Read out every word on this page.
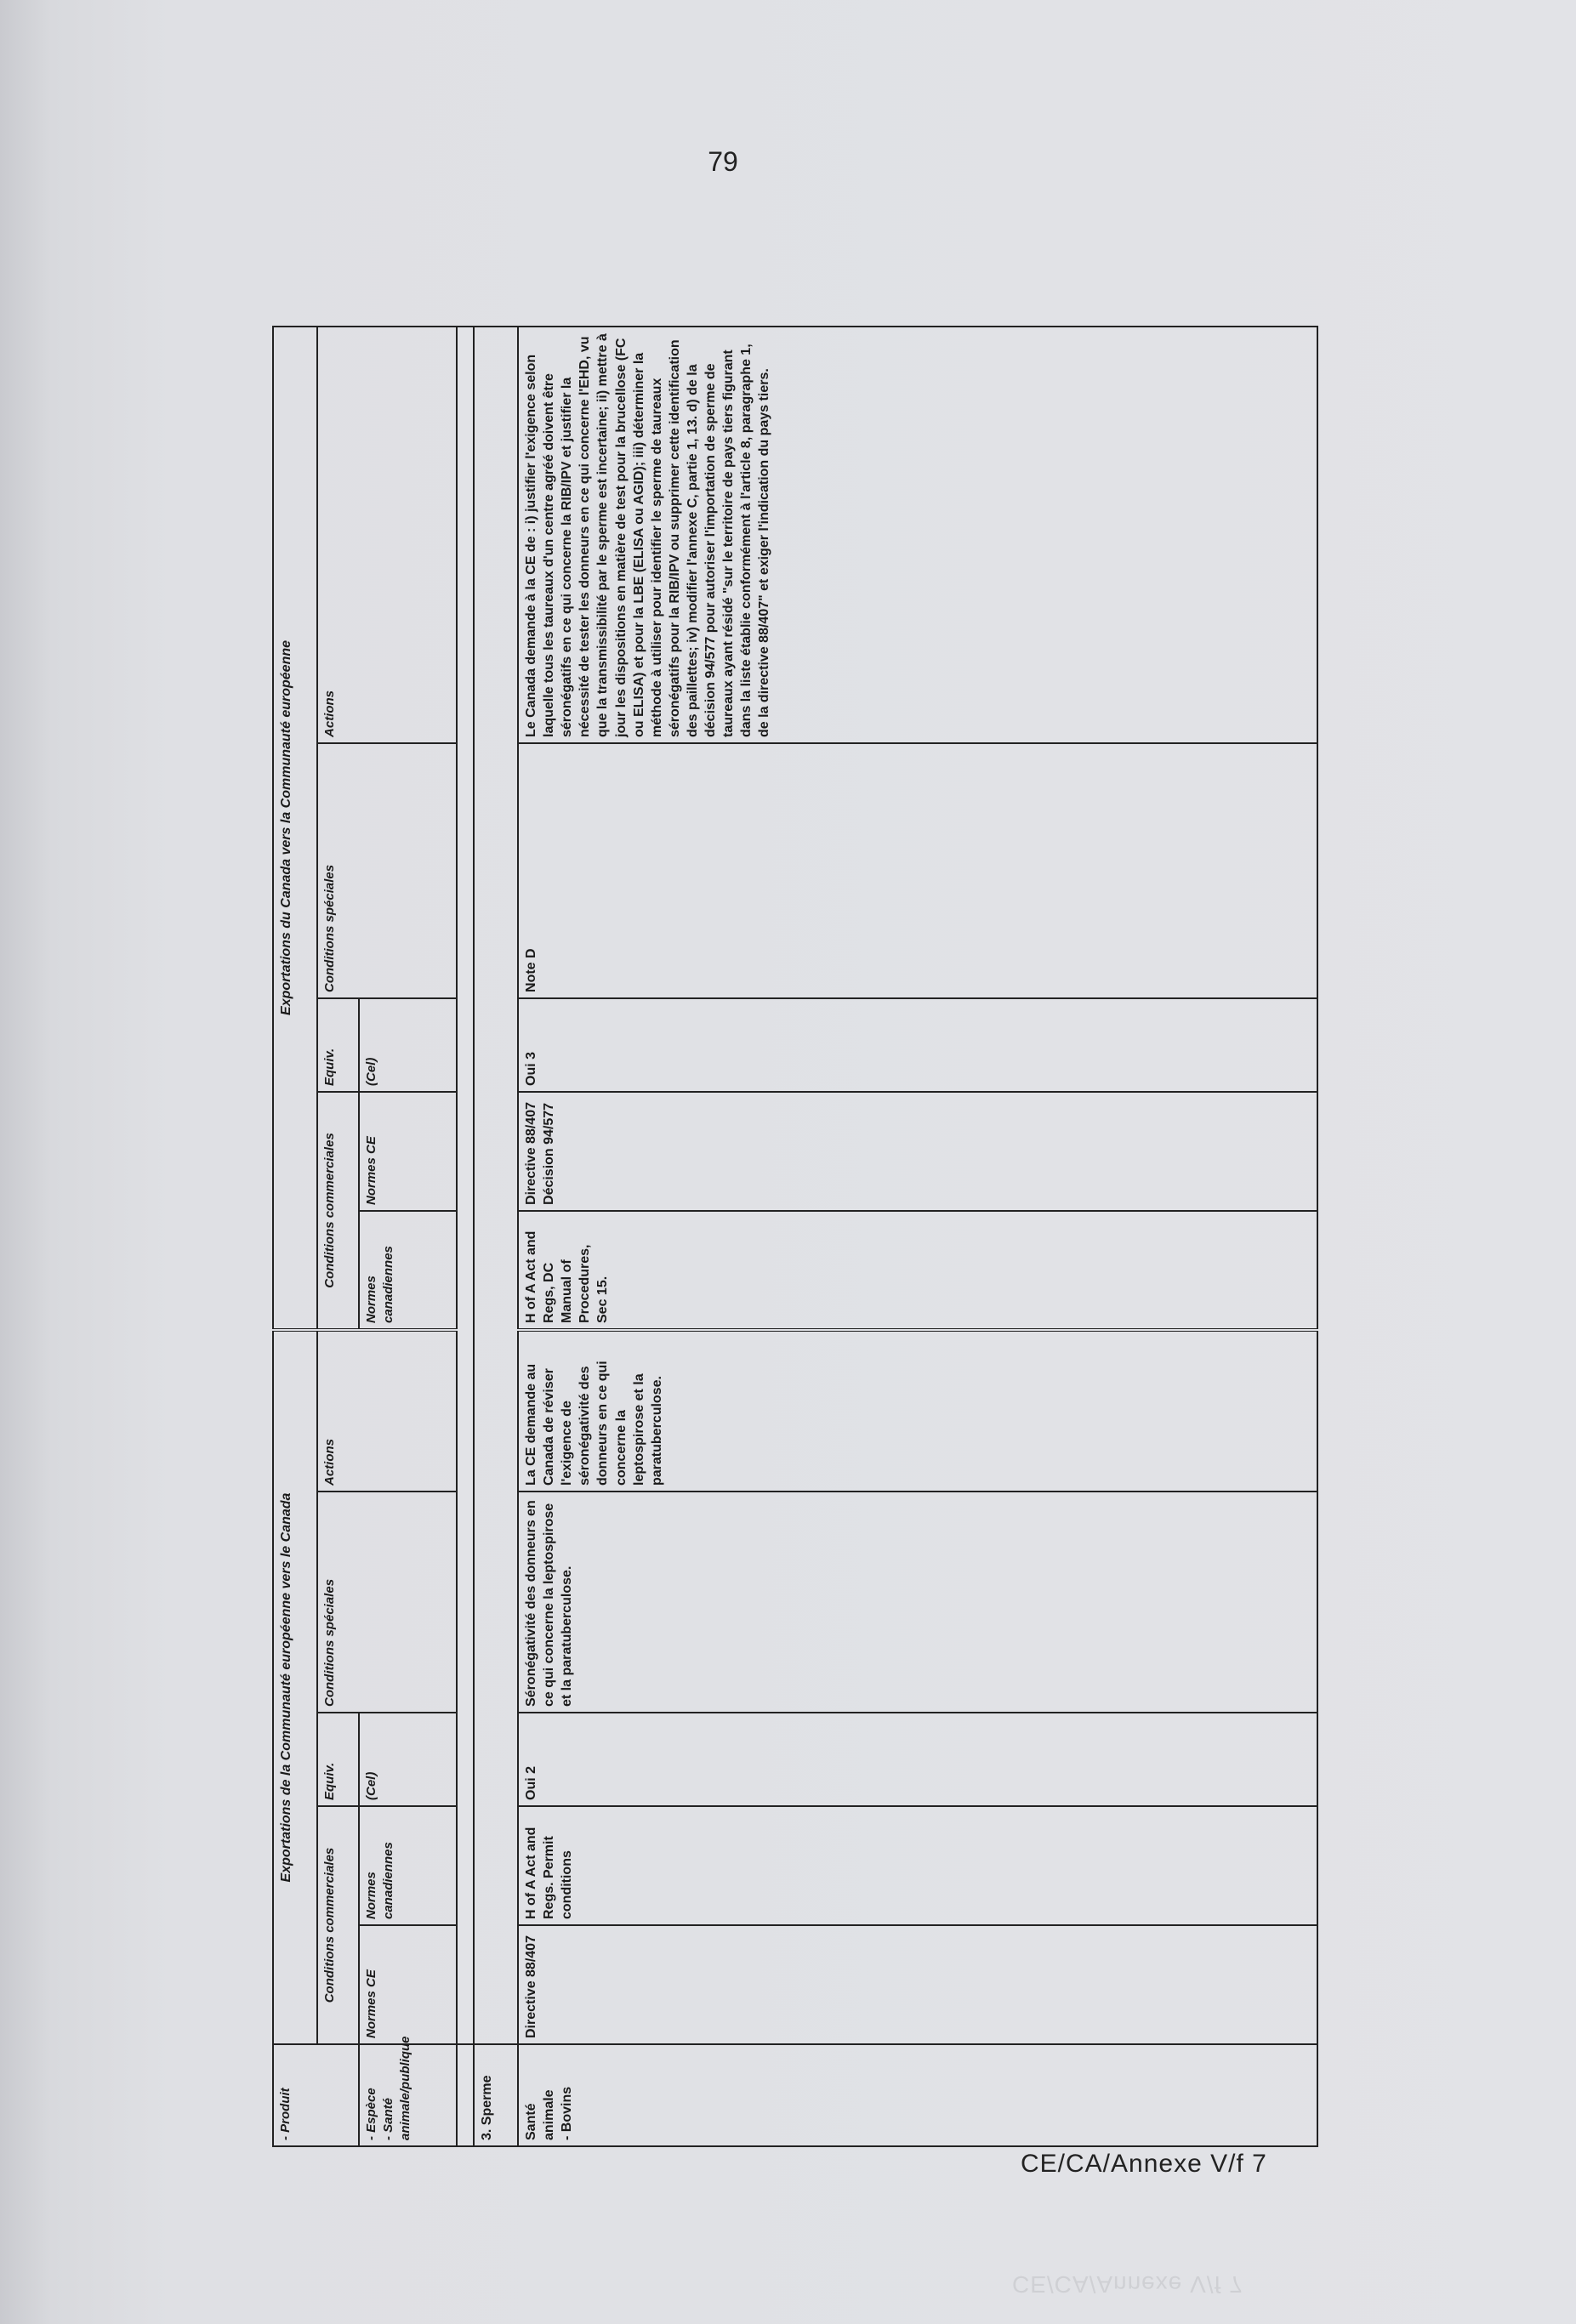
79
- Produit	Exportations de la Communauté européenne vers le Canada					Exportations du Canada vers la Communauté européenne				
	Conditions commerciales		Equiv.	Conditions spéciales	Actions	Conditions commerciales		Equiv.	Conditions spéciales	Actions

- Espèce - Santé animale/publique	Normes CE	Normes canadiennes	(Cel)			Normes canadiennes	Normes CE	(Cel)		

3. Sperme										

Santé animale - Bovins	Directive 88/407	H of A Act and Regs. Permit conditions	Oui 2	Séronégativité des donneurs en ce qui concerne la leptospirose et la paratuberculose.	La CE demande au Canada de réviser l'exigence de séronégativité des donneurs en ce qui concerne la leptospirose et la paratuberculose.	H of A Act and Regs, DC Manual of Procedures, Sec 15.	Directive 88/407 Décision 94/577	Oui 3	Note D	Le Canada demande à la CE de : i) justifier l'exigence selon laquelle tous les taureaux d'un centre agréé doivent être séronégatifs en ce qui concerne la RIB/IPV et justifier la nécessité de tester les donneurs en ce qui concerne l'EHD, vu que la transmissibilité par le sperme est incertaine; ii) mettre à jour les dispositions en matière de test pour la brucellose (FC ou ELISA) et pour la LBE (ELISA ou AGID); iii) déterminer la méthode à utiliser pour identifier le sperme de taureaux séronégatifs pour la RIB/IPV ou supprimer cette identification des paillettes; iv) modifier l'annexe C, partie 1, 13. d) de la décision 94/577 pour autoriser l'importation de sperme de taureaux ayant résidé "sur le territoire de pays tiers figurant dans la liste établie conformément à l'article 8, paragraphe 1, de la directive 88/407" et exiger l'indication du pays tiers.
CE/CA/Annexe V/f 7
CE/CA/Annexe V/f 7
